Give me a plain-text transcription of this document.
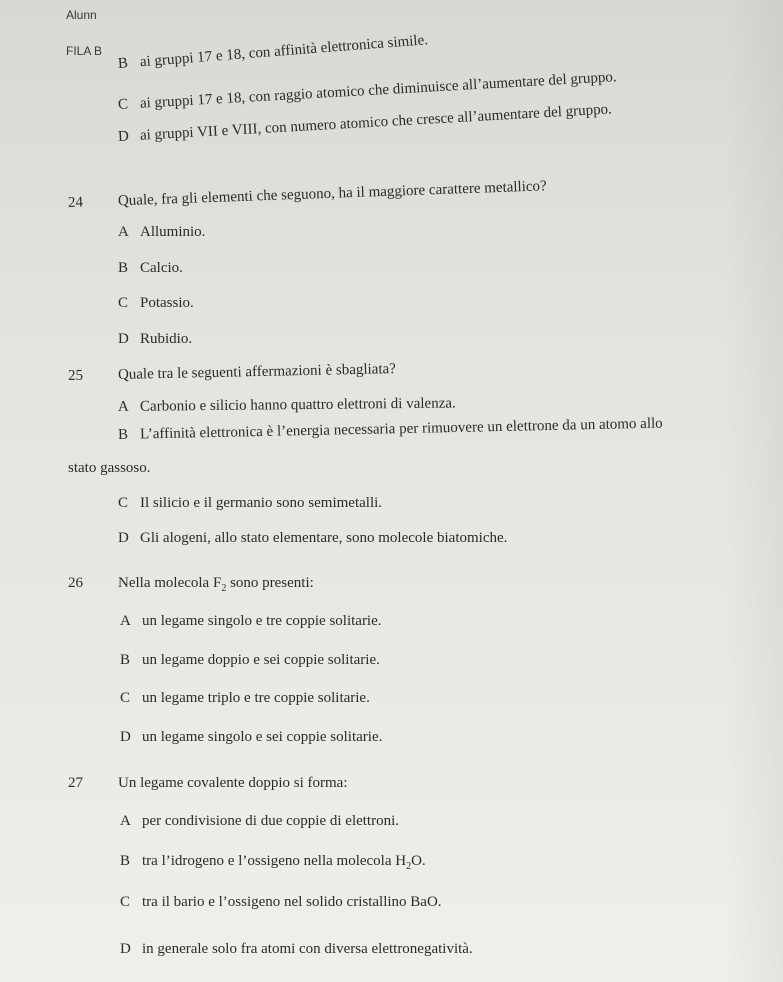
Alunn
FILA B
B ai gruppi 17 e 18, con affinità elettronica simile.
C ai gruppi 17 e 18, con raggio atomico che diminuisce all’aumentare del gruppo.
D ai gruppi VII e VIII, con numero atomico che cresce all’aumentare del gruppo.
24 Quale, fra gli elementi che seguono, ha il maggiore carattere metallico?
A Alluminio.
B Calcio.
C Potassio.
D Rubidio.
25 Quale tra le seguenti affermazioni è sbagliata?
A Carbonio e silicio hanno quattro elettroni di valenza.
B L’affinità elettronica è l’energia necessaria per rimuovere un elettrone da un atomo allo
stato gassoso.
C Il silicio e il germanio sono semimetalli.
D Gli alogeni, allo stato elementare, sono molecole biatomiche.
26 Nella molecola $F_2$ sono presenti:
A un legame singolo e tre coppie solitarie.
B un legame doppio e sei coppie solitarie.
C un legame triplo e tre coppie solitarie.
D un legame singolo e sei coppie solitarie.
27 Un legame covalente doppio si forma:
A per condivisione di due coppie di elettroni.
B tra l’idrogeno e l’ossigeno nella molecola $H_2O$.
C tra il bario e l’ossigeno nel solido cristallino BaO.
D in generale solo fra atomi con diversa elettronegatività.
